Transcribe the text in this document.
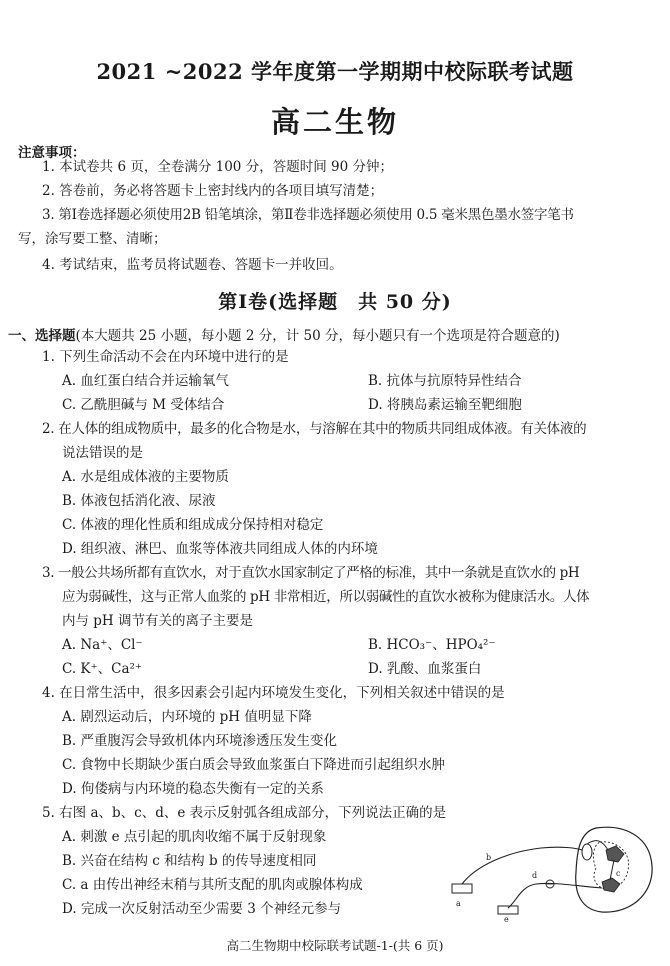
2021 ~2022 学年度第一学期期中校际联考试题
高二生物
注意事项：
1. 本试卷共 6 页，全卷满分 100 分，答题时间 90 分钟；
2. 答卷前，务必将答题卡上密封线内的各项目填写清楚；
3. 第Ⅰ卷选择题必须使用2B 铅笔填涂，第Ⅱ卷非选择题必须使用 0.5 毫米黑色墨水签字笔书
写，涂写要工整、清晰；
4. 考试结束，监考员将试题卷、答题卡一并收回。
第Ⅰ卷(选择题　共 50 分)
一、选择题(本大题共 25 小题，每小题 2 分，计 50 分，每小题只有一个选项是符合题意的)
1. 下列生命活动不会在内环境中进行的是
A. 血红蛋白结合并运输氧气	B. 抗体与抗原特异性结合
C. 乙酰胆碱与 M 受体结合	D. 将胰岛素运输至靶细胞
2. 在人体的组成物质中，最多的化合物是水，与溶解在其中的物质共同组成体液。有关体液的
说法错误的是
A. 水是组成体液的主要物质
B. 体液包括消化液、尿液
C. 体液的理化性质和组成成分保持相对稳定
D. 组织液、淋巴、血浆等体液共同组成人体的内环境
3. 一般公共场所都有直饮水，对于直饮水国家制定了严格的标准，其中一条就是直饮水的 pH
应为弱碱性，这与正常人血浆的 pH 非常相近，所以弱碱性的直饮水被称为健康活水。人体
内与 pH 调节有关的离子主要是
A. Na⁺、Cl⁻	B. HCO₃⁻、HPO₄²⁻
C. K⁺、Ca²⁺	D. 乳酸、血浆蛋白
4. 在日常生活中，很多因素会引起内环境发生变化，下列相关叙述中错误的是
A. 剧烈运动后，内环境的 pH 值明显下降
B. 严重腹泻会导致机体内环境渗透压发生变化
C. 食物中长期缺少蛋白质会导致血浆蛋白下降进而引起组织水肿
D. 佝偻病与内环境的稳态失衡有一定的关系
5. 右图 a、b、c、d、e 表示反射弧各组成部分，下列说法正确的是
A. 刺激 e 点引起的肌肉收缩不属于反射现象
B. 兴奋在结构 c 和结构 b 的传导速度相同
C. a 由传出神经末稍与其所支配的肌肉或腺体构成
D. 完成一次反射活动至少需要 3 个神经元参与	a
b
c
d
e
高二生物期中校际联考试题-1-(共 6 页)
